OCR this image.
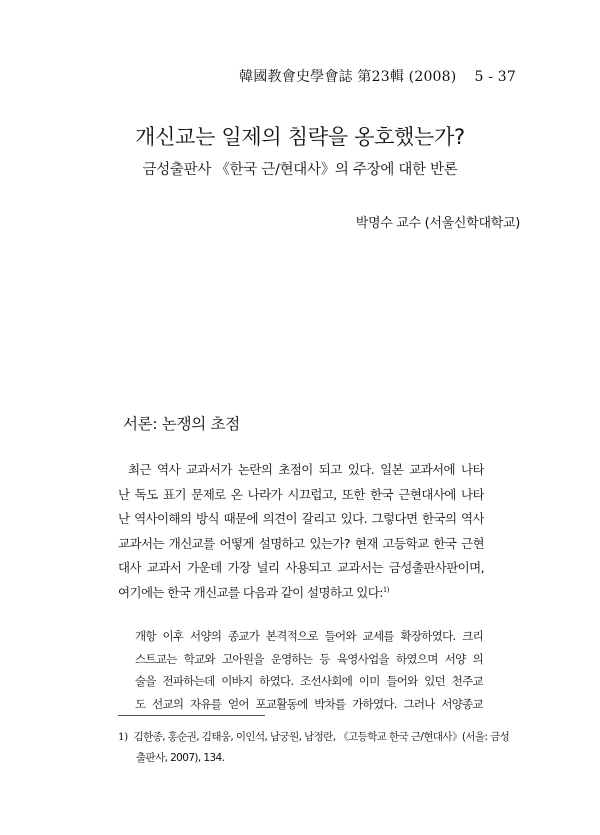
韓國教會史學會誌 第23輯 (2008) 5 - 37
개신교는 일제의 침략을 옹호했는가?
금성출판사 《한국 근/현대사》의 주장에 대한 반론
박명수 교수 (서울신학대학교)
서론: 논쟁의 초점
최근 역사 교과서가 논란의 초점이 되고 있다. 일본 교과서에 나타
난 독도 표기 문제로 온 나라가 시끄럽고, 또한 한국 근현대사에 나타
난 역사이해의 방식 때문에 의견이 갈리고 있다. 그렇다면 한국의 역사
교과서는 개신교를 어떻게 설명하고 있는가? 현재 고등학교 한국 근현
대사 교과서 가운데 가장 널리 사용되고 교과서는 금성출판사판이며,
여기에는 한국 개신교를 다음과 같이 설명하고 있다:$^{1)}$
개항 이후 서양의 종교가 본격적으로 들어와 교세를 확장하였다. 크리
스트교는 학교와 고아원을 운영하는 등 육영사업을 하였으며 서양 의
술을 전파하는데 이바지 하였다. 조선사회에 이미 들어와 있던 천주교
도 선교의 자유를 얻어 포교활동에 박차를 가하였다. 그러나 서양종교
1) 김한종, 홍순권, 김태웅, 이인석, 남궁원, 남정란, 《고등학교 한국 근/현대사》(서울: 금성
출판사, 2007), 134.
